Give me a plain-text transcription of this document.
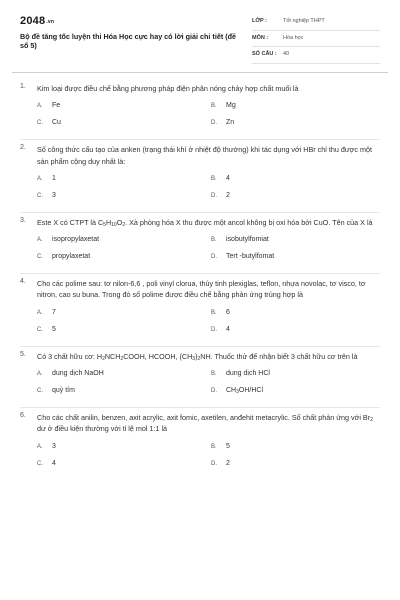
$2048^{.vn}$
Bộ đề tăng tốc luyện thi Hóa Học cực hay có lời giải chi tiết (đề số 5)
LỚP :	Tốt nghiệp THPT
MÔN :	Hóa học
SỐ CÂU : 40
1. Kim loại được điều chế bằng phương pháp điện phân nóng chảy hợp chất muối là
A. Fe	B. Mg
C. Cu	D. Zn
2. Số công thức cấu tạo của anken (trạng thái khí ở nhiệt độ thường) khi tác dụng với HBr chỉ thu được một sản phẩm cộng duy nhất là:
A. 1	B. 4
C. 3	D. 2
3. Este X có CTPT là $C_5H_{10}O_2$. Xà phòng hóa X thu được một ancol không bị oxi hóa bởi CuO. Tên của X là
A. isopropylaxetat	B. isobutylfomiat
C. propylaxetat	D. Tert -butylfomat
4. Cho các polime sau: tơ nilon-6,6 , poli vinyl clorua, thủy tinh plexiglas, teflon, nhựa novolac, tơ visco, tơ nitron, cao su buna. Trong đó số polime được điều chế bằng phản ứng trùng hợp là
A. 7	B. 6
C. 5	D. 4
5. Có 3 chất hữu cơ: $H_2NCH_2COOH$, HCOOH, $(CH_3)_2NH$. Thuốc thử để nhận biết 3 chất hữu cơ trên là
A. dung dịch NaOH	B. dung dịch HCl
C. quỳ tím	D. $CH_3OH$/HCl
6. Cho các chất anilin, benzen, axit acrylic, axit fomic, axetilen, anđehit metacrylic. Số chất phản ứng với $Br_2$ dư ở điều kiện thường với tỉ lệ mol 1:1 là
A. 3	B. 5
C. 4	D. 2
